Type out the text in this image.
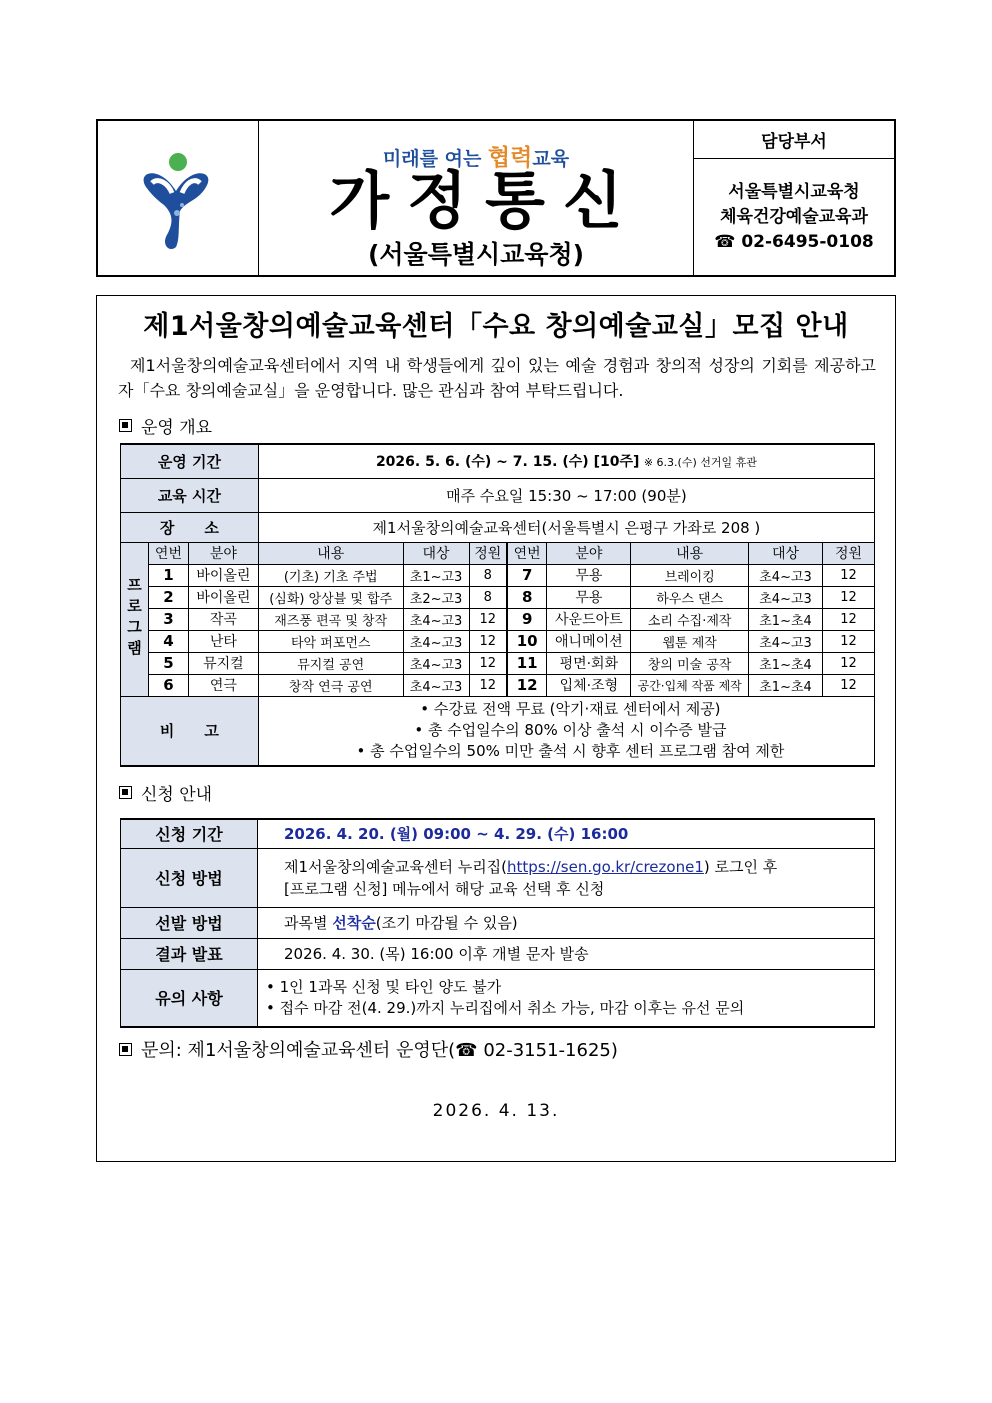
미래를 여는 협력교육
가정통신
(서울특별시교육청)
담당부서
서울특별시교육청
체육건강예술교육과
☎ 02-6495-0108
제1서울창의예술교육센터「수요 창의예술교실」모집 안내
제1서울창의예술교육센터에서 지역 내 학생들에게 깊이 있는 예술 경험과 창의적 성장의 기회를 제공하고자「수요 창의예술교실」을 운영합니다. 많은 관심과 참여 부탁드립니다.
운영 개요
운영 기간			2026. 5. 6. (수) ~ 7. 15. (수) [10주] ※ 6.3.(수) 선거일 휴관							
교육 시간			매주 수요일 15:30 ~ 17:00 (90분)							
장　　소			제1서울창의예술교육센터(서울특별시 은평구 가좌로 208 )							
프로그램	연번	분야	내용	대상	정원	연번	분야	내용	대상	정원
	1	바이올린	(기초) 기초 주법	초1~고3	8	7	무용	브레이킹	초4~고3	12
	2	바이올린	(심화) 앙상블 및 합주	초2~고3	8	8	무용	하우스 댄스	초4~고3	12
	3	작곡	재즈풍 편곡 및 창작	초4~고3	12	9	사운드아트	소리 수집·제작	초1~초4	12
	4	난타	타악 퍼포먼스	초4~고3	12	10	애니메이션	웹툰 제작	초4~고3	12
	5	뮤지컬	뮤지컬 공연	초4~고3	12	11	평면·회화	창의 미술 공작	초1~초4	12
	6	연극	창작 연극 공연	초4~고3	12	12	입체·조형	공간·입체 작품 제작	초1~초4	12
비　　고			• 수강료 전액 무료 (악기·재료 센터에서 제공)
• 총 수업일수의 80% 이상 출석 시 이수증 발급
• 총 수업일수의 50% 미만 출석 시 향후 센터 프로그램 참여 제한
신청 안내
신청 기간	2026. 4. 20. (월) 09:00 ~ 4. 29. (수) 16:00
신청 방법	제1서울창의예술교육센터 누리집(https://sen.go.kr/crezone1) 로그인 후
[프로그램 신청] 메뉴에서 해당 교육 선택 후 신청

선발 방법	과목별 선착순(조기 마감될 수 있음)
결과 발표	2026. 4. 30. (목) 16:00 이후 개별 문자 발송
유의 사항	• 1인 1과목 신청 및 타인 양도 불가
• 접수 마감 전(4. 29.)까지 누리집에서 취소 가능, 마감 이후는 유선 문의
문의: 제1서울창의예술교육센터 운영단(☎ 02-3151-1625)
2026. 4. 13.
